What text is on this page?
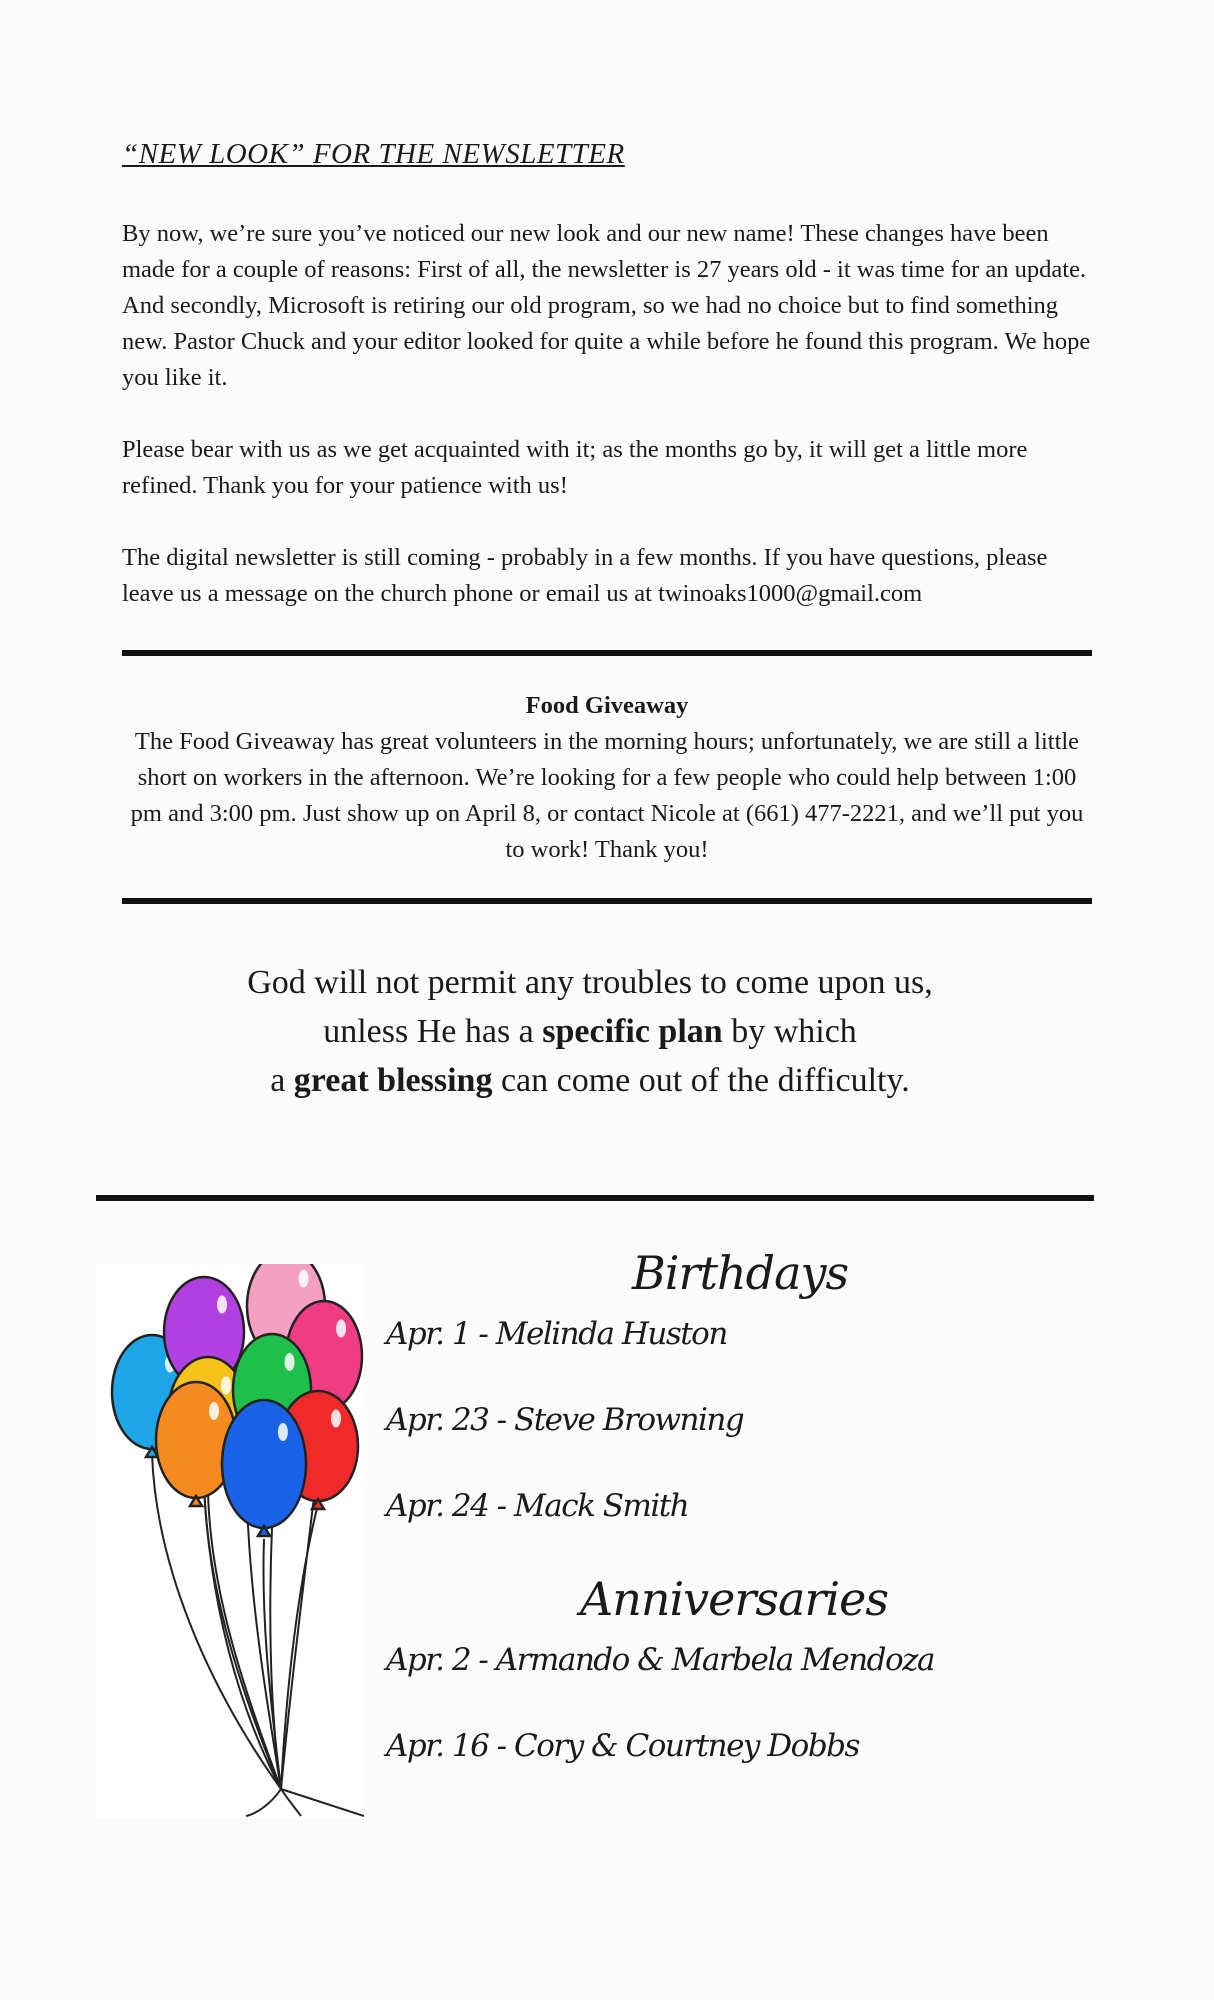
“NEW LOOK” FOR THE NEWSLETTER

By now, we’re sure you’ve noticed our new look and our new name! These changes have been made for a couple of reasons: First of all, the newsletter is 27 years old - it was time for an update. And secondly, Microsoft is retiring our old program, so we had no choice but to find something new. Pastor Chuck and your editor looked for quite a while before he found this program. We hope you like it.

Please bear with us as we get acquainted with it; as the months go by, it will get a little more refined. Thank you for your patience with us!

The digital newsletter is still coming - probably in a few months. If you have questions, please leave us a message on the church phone or email us at twinoaks1000@gmail.com

Food Giveaway
The Food Giveaway has great volunteers in the morning hours; unfortunately, we are still a little short on workers in the afternoon. We’re looking for a few people who could help between 1:00 pm and 3:00 pm. Just show up on April 8, or contact Nicole at (661) 477-2221, and we’ll put you to work! Thank you!
God will not permit any troubles to come upon us,
unless He has a specific plan by which
a great blessing can come out of the difficulty.
Birthdays
Apr. 1 - Melinda Huston
Apr. 23 - Steve Browning
Apr. 24 - Mack Smith
Anniversaries
Apr. 2 - Armando & Marbela Mendoza
Apr. 16 - Cory & Courtney Dobbs
